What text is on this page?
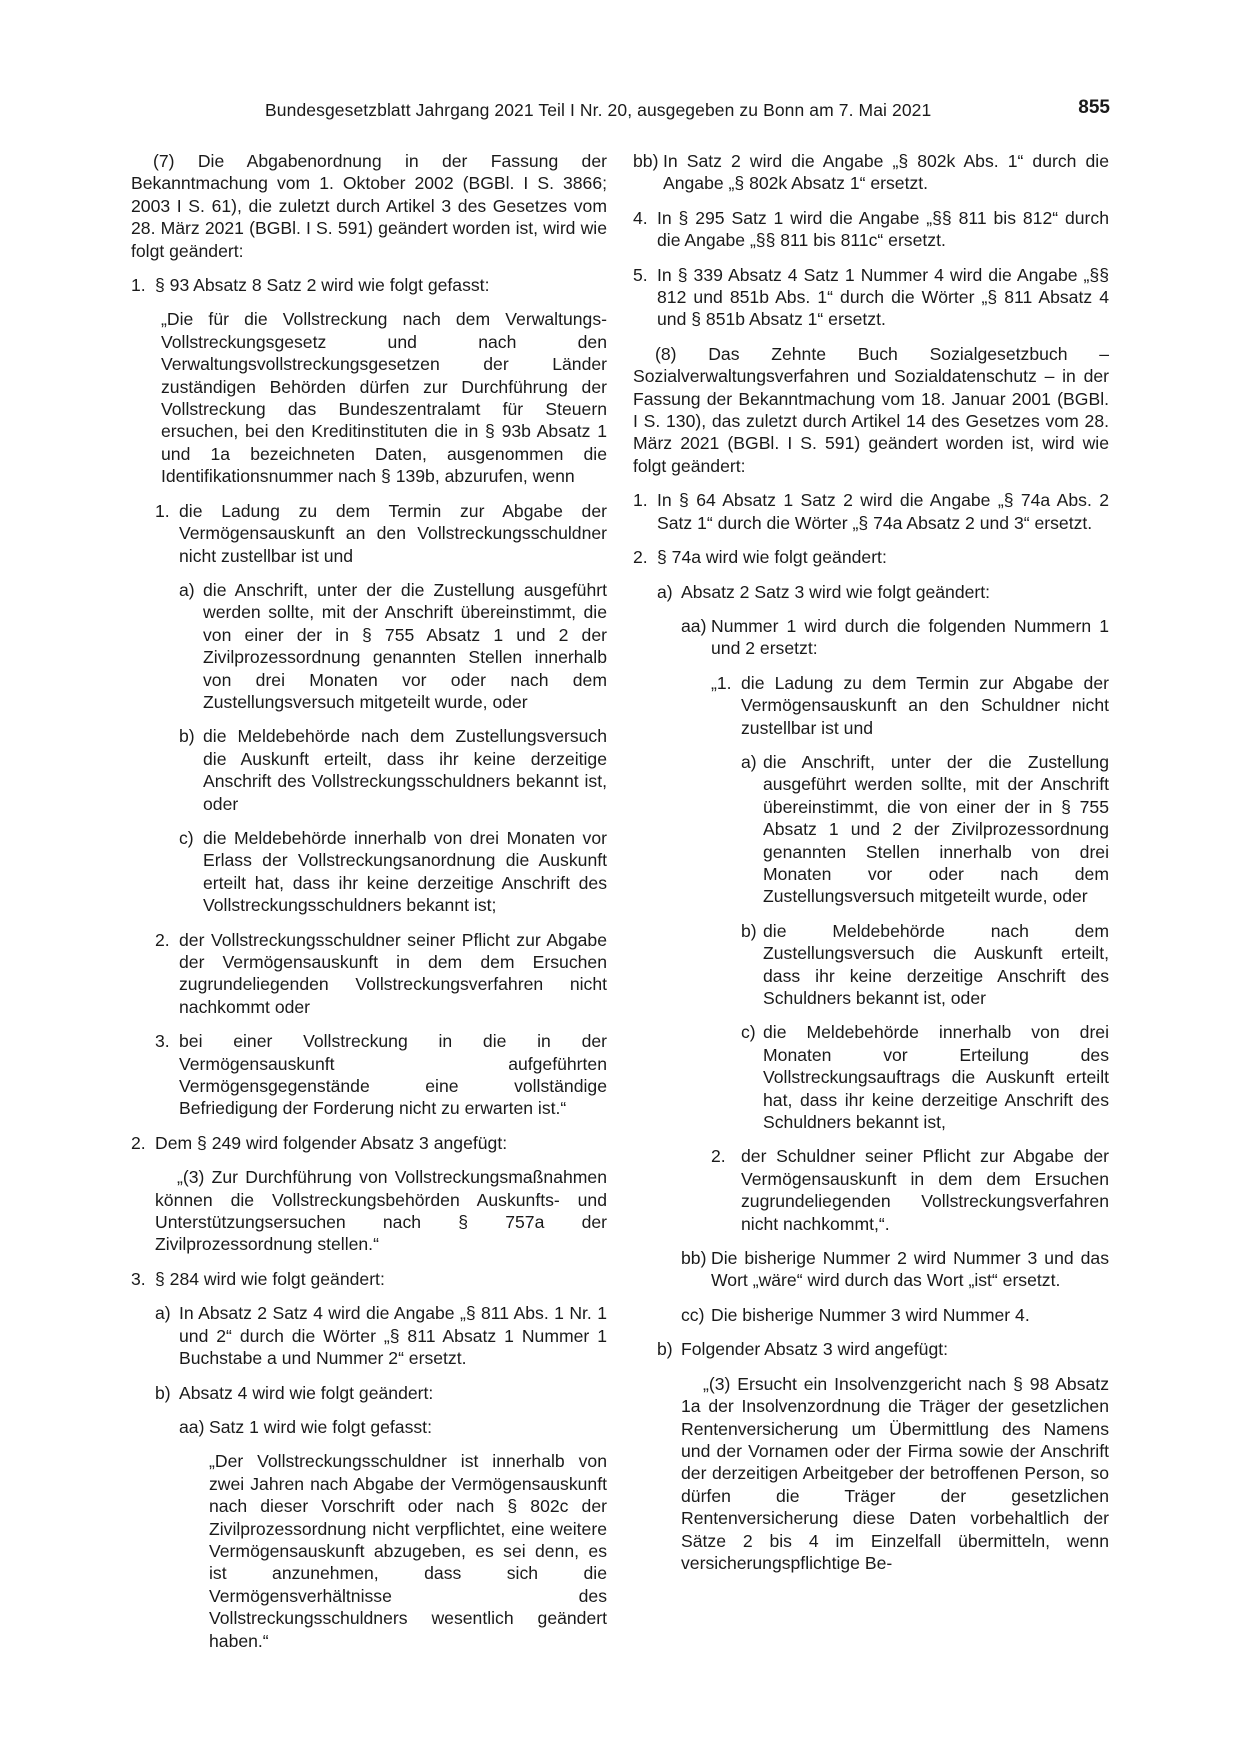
Bundesgesetzblatt Jahrgang 2021 Teil I Nr. 20, ausgegeben zu Bonn am 7. Mai 2021	855

(7) Die Abgabenordnung in der Fassung der Bekanntmachung vom 1. Oktober 2002 (BGBl. I S. 3866; 2003 I S. 61), die zuletzt durch Artikel 3 des Gesetzes vom 28. März 2021 (BGBl. I S. 591) geändert worden ist, wird wie folgt geändert:

1. § 93 Absatz 8 Satz 2 wird wie folgt gefasst:

„Die für die Vollstreckung nach dem Verwaltungs-Vollstreckungsgesetz und nach den Verwaltungsvollstreckungsgesetzen der Länder zuständigen Behörden dürfen zur Durchführung der Vollstreckung das Bundeszentralamt für Steuern ersuchen, bei den Kreditinstituten die in § 93b Absatz 1 und 1a bezeichneten Daten, ausgenommen die Identifikationsnummer nach § 139b, abzurufen, wenn

1. die Ladung zu dem Termin zur Abgabe der Vermögensauskunft an den Vollstreckungsschuldner nicht zustellbar ist und
a) die Anschrift, unter der die Zustellung ausgeführt werden sollte, mit der Anschrift übereinstimmt, die von einer der in § 755 Absatz 1 und 2 der Zivilprozessordnung genannten Stellen innerhalb von drei Monaten vor oder nach dem Zustellungsversuch mitgeteilt wurde, oder
b) die Meldebehörde nach dem Zustellungsversuch die Auskunft erteilt, dass ihr keine derzeitige Anschrift des Vollstreckungsschuldners bekannt ist, oder
c) die Meldebehörde innerhalb von drei Monaten vor Erlass der Vollstreckungsanordnung die Auskunft erteilt hat, dass ihr keine derzeitige Anschrift des Vollstreckungsschuldners bekannt ist;
2. der Vollstreckungsschuldner seiner Pflicht zur Abgabe der Vermögensauskunft in dem dem Ersuchen zugrundeliegenden Vollstreckungsverfahren nicht nachkommt oder
3. bei einer Vollstreckung in die in der Vermögensauskunft aufgeführten Vermögensgegenstände eine vollständige Befriedigung der Forderung nicht zu erwarten ist.“
2. Dem § 249 wird folgender Absatz 3 angefügt:

„(3) Zur Durchführung von Vollstreckungsmaßnahmen können die Vollstreckungsbehörden Auskunfts- und Unterstützungsersuchen nach § 757a der Zivilprozessordnung stellen.“

3. § 284 wird wie folgt geändert:
a) In Absatz 2 Satz 4 wird die Angabe „§ 811 Abs. 1 Nr. 1 und 2“ durch die Wörter „§ 811 Absatz 1 Nummer 1 Buchstabe a und Nummer 2“ ersetzt.
b) Absatz 4 wird wie folgt geändert:
aa) Satz 1 wird wie folgt gefasst:

„Der Vollstreckungsschuldner ist innerhalb von zwei Jahren nach Abgabe der Vermögensauskunft nach dieser Vorschrift oder nach § 802c der Zivilprozessordnung nicht verpflichtet, eine weitere Vermögensauskunft abzugeben, es sei denn, es ist anzunehmen, dass sich die Vermögensverhältnisse des Vollstreckungsschuldners wesentlich geändert haben.“

bb) In Satz 2 wird die Angabe „§ 802k Abs. 1“ durch die Angabe „§ 802k Absatz 1“ ersetzt.
4. In § 295 Satz 1 wird die Angabe „§§ 811 bis 812“ durch die Angabe „§§ 811 bis 811c“ ersetzt.
5. In § 339 Absatz 4 Satz 1 Nummer 4 wird die Angabe „§§ 812 und 851b Abs. 1“ durch die Wörter „§ 811 Absatz 4 und § 851b Absatz 1“ ersetzt.

(8) Das Zehnte Buch Sozialgesetzbuch – Sozialverwaltungsverfahren und Sozialdatenschutz – in der Fassung der Bekanntmachung vom 18. Januar 2001 (BGBl. I S. 130), das zuletzt durch Artikel 14 des Gesetzes vom 28. März 2021 (BGBl. I S. 591) geändert worden ist, wird wie folgt geändert:

1. In § 64 Absatz 1 Satz 2 wird die Angabe „§ 74a Abs. 2 Satz 1“ durch die Wörter „§ 74a Absatz 2 und 3“ ersetzt.
2. § 74a wird wie folgt geändert:
a) Absatz 2 Satz 3 wird wie folgt geändert:
aa) Nummer 1 wird durch die folgenden Nummern 1 und 2 ersetzt:
„1. die Ladung zu dem Termin zur Abgabe der Vermögensauskunft an den Schuldner nicht zustellbar ist und
a) die Anschrift, unter der die Zustellung ausgeführt werden sollte, mit der Anschrift übereinstimmt, die von einer der in § 755 Absatz 1 und 2 der Zivilprozessordnung genannten Stellen innerhalb von drei Monaten vor oder nach dem Zustellungsversuch mitgeteilt wurde, oder
b) die Meldebehörde nach dem Zustellungsversuch die Auskunft erteilt, dass ihr keine derzeitige Anschrift des Schuldners bekannt ist, oder
c) die Meldebehörde innerhalb von drei Monaten vor Erteilung des Vollstreckungsauftrags die Auskunft erteilt hat, dass ihr keine derzeitige Anschrift des Schuldners bekannt ist,
2. der Schuldner seiner Pflicht zur Abgabe der Vermögensauskunft in dem dem Ersuchen zugrundeliegenden Vollstreckungsverfahren nicht nachkommt,“.
bb) Die bisherige Nummer 2 wird Nummer 3 und das Wort „wäre“ wird durch das Wort „ist“ ersetzt.
cc) Die bisherige Nummer 3 wird Nummer 4.
b) Folgender Absatz 3 wird angefügt:

„(3) Ersucht ein Insolvenzgericht nach § 98 Absatz 1a der Insolvenzordnung die Träger der gesetzlichen Rentenversicherung um Übermittlung des Namens und der Vornamen oder der Firma sowie der Anschrift der derzeitigen Arbeitgeber der betroffenen Person, so dürfen die Träger der gesetzlichen Rentenversicherung diese Daten vorbehaltlich der Sätze 2 bis 4 im Einzelfall übermitteln, wenn versicherungspflichtige Be-
